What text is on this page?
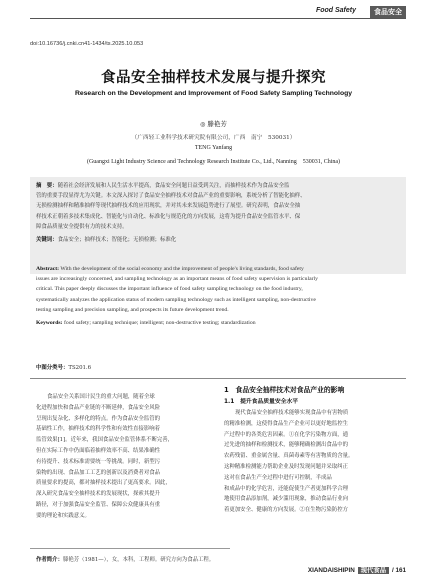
Food Safety	食品安全
doi:10.16736/j.cnki.cn41-1434/ts.2025.10.053
食品安全抽样技术发展与提升探究
Research on the Development and Improvement of Food Safety Sampling Technology
◎ 滕艳芳
（广西轻工业科学技术研究院有限公司，广西　南宁　530031）
TENG Yanfang
(Guangxi Light Industry Science and Technology Research Institute Co., Ltd., Nanning　530031, China)
摘　要：随着社会经济发展和人民生活水平提高，食品安全问题日益受到关注，而抽样技术作为食品安全监
管的重要手段显得尤为关键。本文深入探讨了食品安全抽样技术对食品产业的重要影响，系统分析了智能化抽样、
无损检测抽样和精准抽样等现代抽样技术的应用现状，并对其未来发展趋势进行了展望。研究表明，食品安全抽
样技术正朝着多技术集成化、智能化与自动化、标准化与规范化的方向发展，这将为提升食品安全监管水平、保
障食品质量安全提供有力的技术支持。
关键词：食品安全；抽样技术；智能化；无损检测；标准化
Abstract: With the development of the social economy and the improvement of people's living standards, food safety
issues are increasingly concerned, and sampling technology as an important means of food safety supervision is particularly
critical. This paper deeply discusses the important influence of food safety sampling technology on the food industry,
systematically analyzes the application status of modern sampling technology such as intelligent sampling, non-destructive
testing sampling and precision sampling, and prospects its future development trend.
Keywords: food safety; sampling technique; intelligent; non-destructive testing; standardization
中图分类号：TS201.6
食品安全关系国计民生的重大问题，随着全球
化进程加快和食品产业链的不断延伸，食品安全风险
呈现出复杂化、多样化的特点。作为食品安全监管的
基础性工作，抽样技术的科学性和有效性直接影响着
监管效果[1]。近年来，我国食品安全监管体系不断完善，
但在实际工作中仍面临着抽样效率不高、结果准确性
有待提升、技术标准需要统一等挑战。同时，新型污
染物的出现、食品加工工艺的创新以及消费者对食品
质量要求的提高，都对抽样技术提出了更高要求。因此，
深入研究食品安全抽样技术的发展现状，探索其提升
路径，对于加强食品安全监管、保障公众健康具有重
要的理论和实践意义。
1　食品安全抽样技术对食品产业的影响
1.1　提升食品质量安全水平
现代食品安全抽样技术能够实现食品中有害物质
的精准检测，这使得食品生产企业可以更好地监控生
产过程中的各类危害因素。①在化学污染物方面，通
过先进的抽样和检测技术，能够精确检测出食品中的
农药残留、重金属含量、真菌毒素等有害物质的含量。
这种精准检测能力帮助企业及时发现问题并采取纠正
这对在食品生产全过程中进行可控制，半成品
和成品中的化学危害，还能促使生产者更加科学合理
地使用食品添加剂，减少滥用现象，推动食品行业向
着更加安全、健康的方向发展。②在生物污染防控方
作者简介：滕艳芳（1981—），女，本科，工程师。研究方向为食品工程。
XIANDAISHIPIN 现代食品 / 161
